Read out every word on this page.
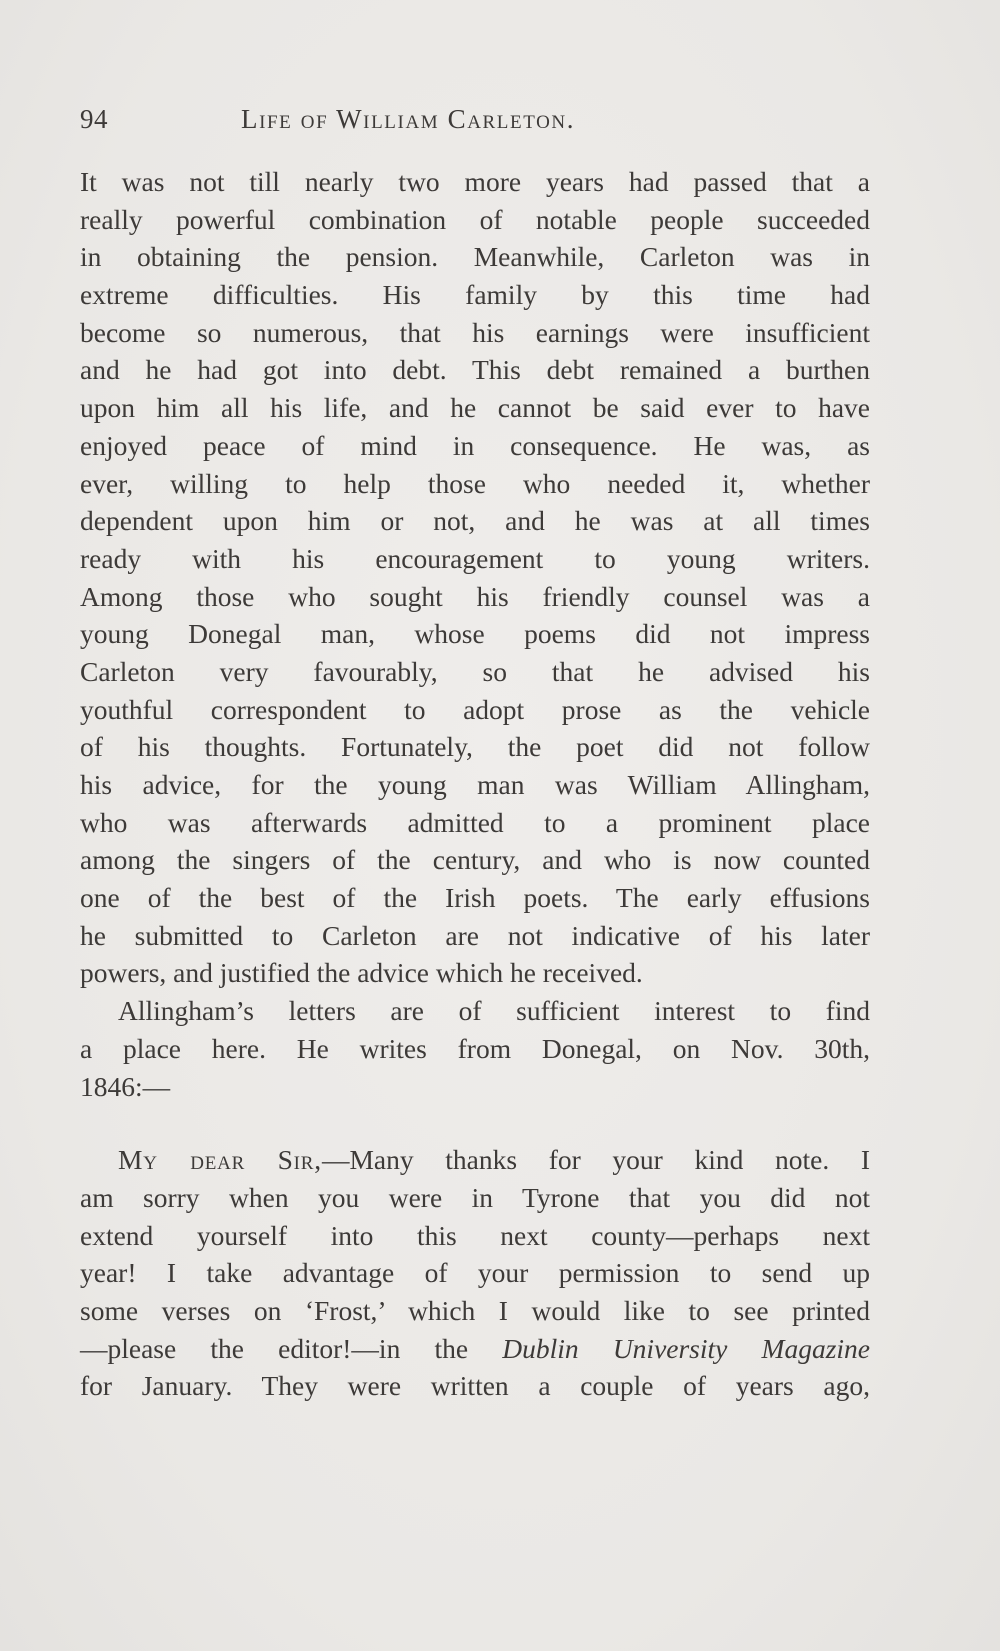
94	Life of William Carleton.
It was not till nearly two more years had passed that a
really powerful combination of notable people succeeded
in obtaining the pension. Meanwhile, Carleton was in
extreme difficulties. His family by this time had
become so numerous, that his earnings were insufficient
and he had got into debt. This debt remained a burthen
upon him all his life, and he cannot be said ever to have
enjoyed peace of mind in consequence. He was, as
ever, willing to help those who needed it, whether
dependent upon him or not, and he was at all times
ready with his encouragement to young writers.
Among those who sought his friendly counsel was a
young Donegal man, whose poems did not impress
Carleton very favourably, so that he advised his
youthful correspondent to adopt prose as the vehicle
of his thoughts. Fortunately, the poet did not follow
his advice, for the young man was William Allingham,
who was afterwards admitted to a prominent place
among the singers of the century, and who is now counted
one of the best of the Irish poets. The early effusions
he submitted to Carleton are not indicative of his later
powers, and justified the advice which he received.
Allingham’s letters are of sufficient interest to find
a place here. He writes from Donegal, on Nov. 30th,
1846:—
My dear Sir,—Many thanks for your kind note. I
am sorry when you were in Tyrone that you did not
extend yourself into this next county—perhaps next
year! I take advantage of your permission to send up
some verses on ‘Frost,’ which I would like to see printed
—please the editor!—in the Dublin University Magazine
for January. They were written a couple of years ago,
